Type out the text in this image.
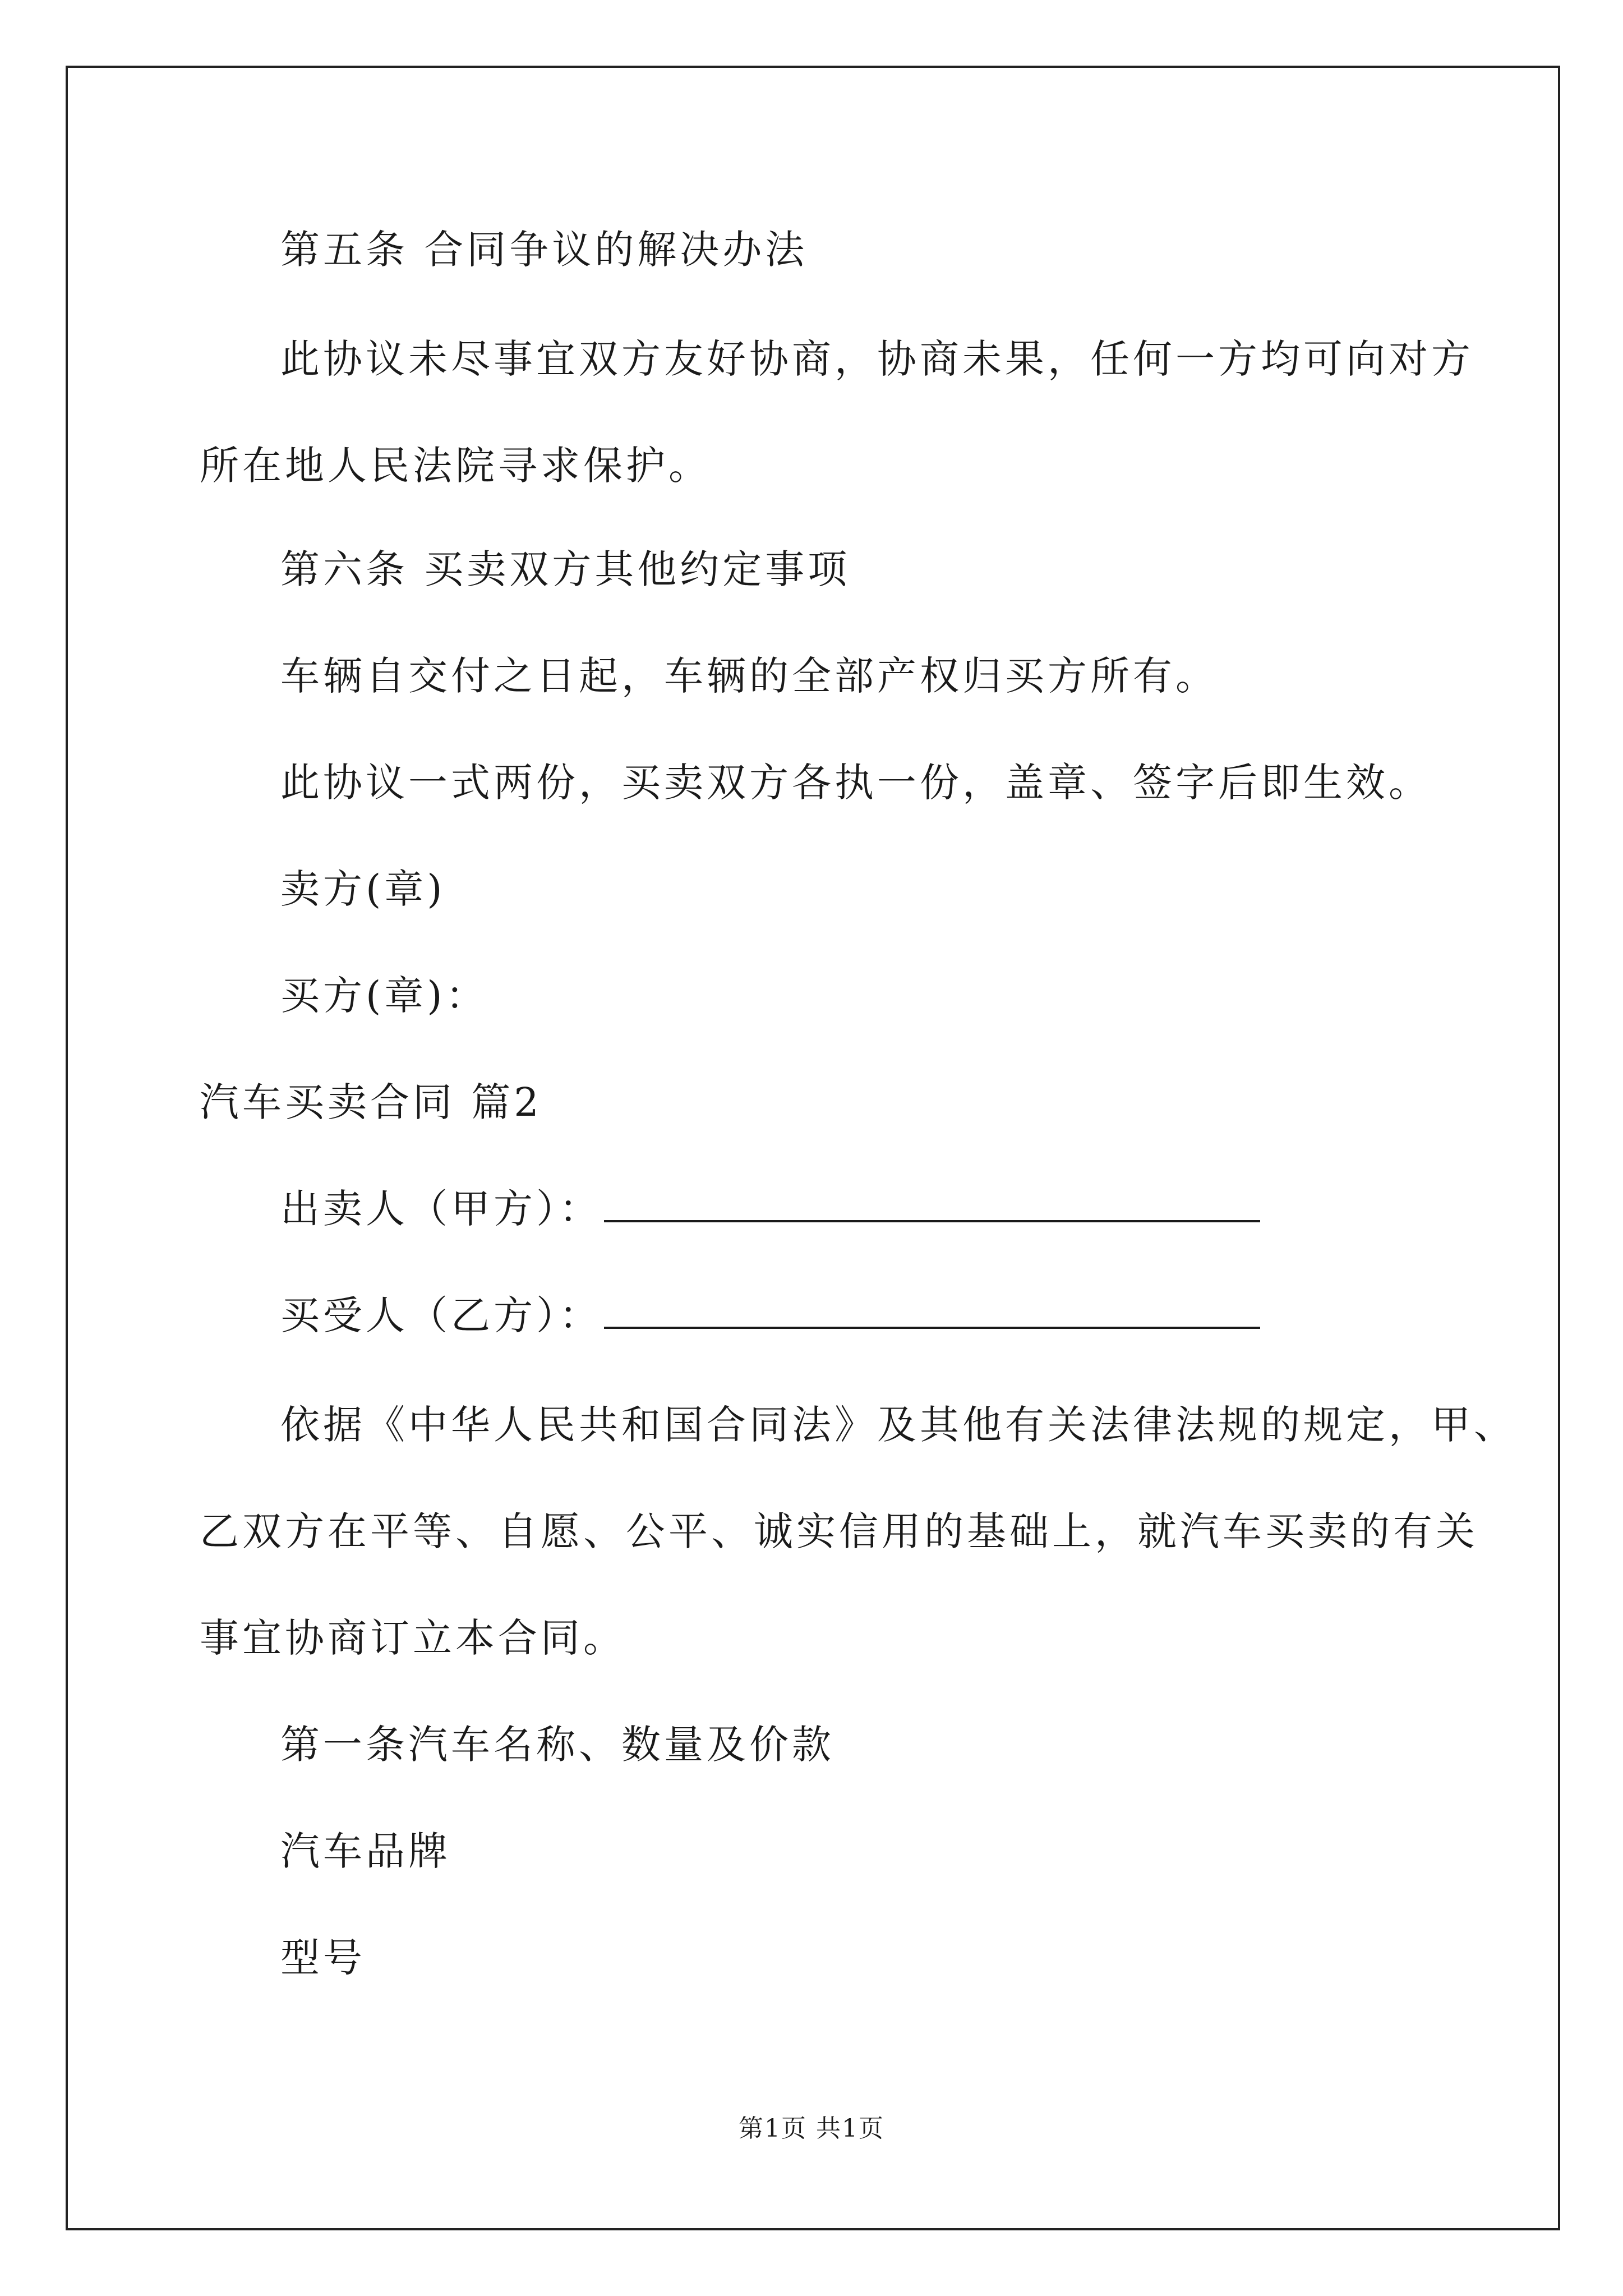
第五条 合同争议的解决办法
此协议未尽事宜双方友好协商，协商未果，任何一方均可向对方
所在地人民法院寻求保护。
第六条 买卖双方其他约定事项
车辆自交付之日起，车辆的全部产权归买方所有。
此协议一式两份，买卖双方各执一份，盖章、签字后即生效。
卖方(章)
买方(章)：
汽车买卖合同 篇2
出卖人（甲方）：
买受人（乙方）：
依据《中华人民共和国合同法》及其他有关法律法规的规定，甲、
乙双方在平等、自愿、公平、诚实信用的基础上，就汽车买卖的有关
事宜协商订立本合同。
第一条汽车名称、数量及价款
汽车品牌
型号
第1页 共1页
